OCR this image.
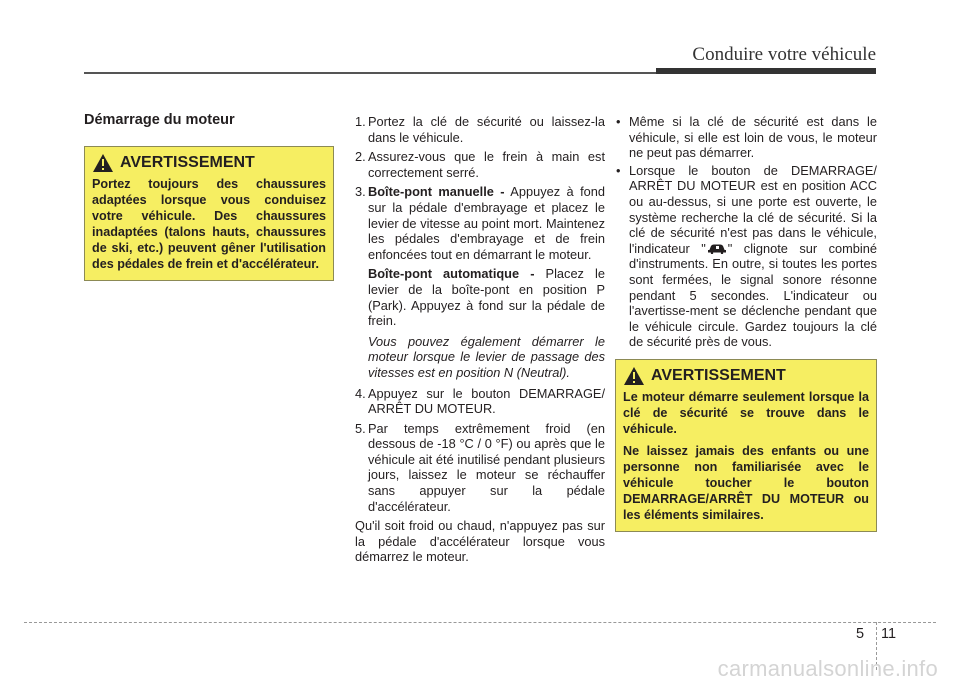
Conduire votre véhicule
Démarrage du moteur
AVERTISSEMENT

Portez toujours des chaussures adaptées lorsque vous conduisez votre véhicule. Des chaussures inadaptées (talons hauts, chaussures de ski, etc.) peuvent gêner l'utilisation des pédales de frein et d'accélérateur.

1. Portez la clé de sécurité ou laissez-la dans le véhicule.
2. Assurez-vous que le frein à main est correctement serré.
3. Boîte-pont manuelle - Appuyez à fond sur la pédale d'embrayage et placez le levier de vitesse au point mort. Maintenez les pédales d'embrayage et de frein enfoncées tout en démarrant le moteur.
Boîte-pont automatique - Placez le levier de la boîte-pont en position P (Park). Appuyez à fond sur la pédale de frein.
Vous pouvez également démarrer le moteur lorsque le levier de passage des vitesses est en position N (Neutral).
4. Appuyez sur le bouton DEMARRAGE/ ARRÊT DU MOTEUR.
5. Par temps extrêmement froid (en dessous de -18 °C / 0 °F) ou après que le véhicule ait été inutilisé pendant plusieurs jours, laissez le moteur se réchauffer sans appuyer sur la pédale d'accélérateur.

Qu'il soit froid ou chaud, n'appuyez pas sur la pédale d'accélérateur lorsque vous démarrez le moteur.

• Même si la clé de sécurité est dans le véhicule, si elle est loin de vous, le moteur ne peut pas démarrer.
• Lorsque le bouton de DEMARRAGE/ ARRÊT DU MOTEUR est en position ACC ou au-dessus, si une porte est ouverte, le système recherche la clé de sécurité. Si la clé de sécurité n'est pas dans le véhicule, l'indicateur " " clignote sur combiné d'instruments. En outre, si toutes les portes sont fermées, le signal sonore résonne pendant 5 secondes. L'indicateur ou l'avertisse-ment se déclenche pendant que le véhicule circule. Gardez toujours la clé de sécurité près de vous.
AVERTISSEMENT

Le moteur démarre seulement lorsque la clé de sécurité se trouve dans le véhicule.

Ne laissez jamais des enfants ou une personne non familiarisée avec le véhicule toucher le bouton DEMARRAGE/ARRÊT DU MOTEUR ou les éléments similaires.

5 11
carmanualsonline.info
